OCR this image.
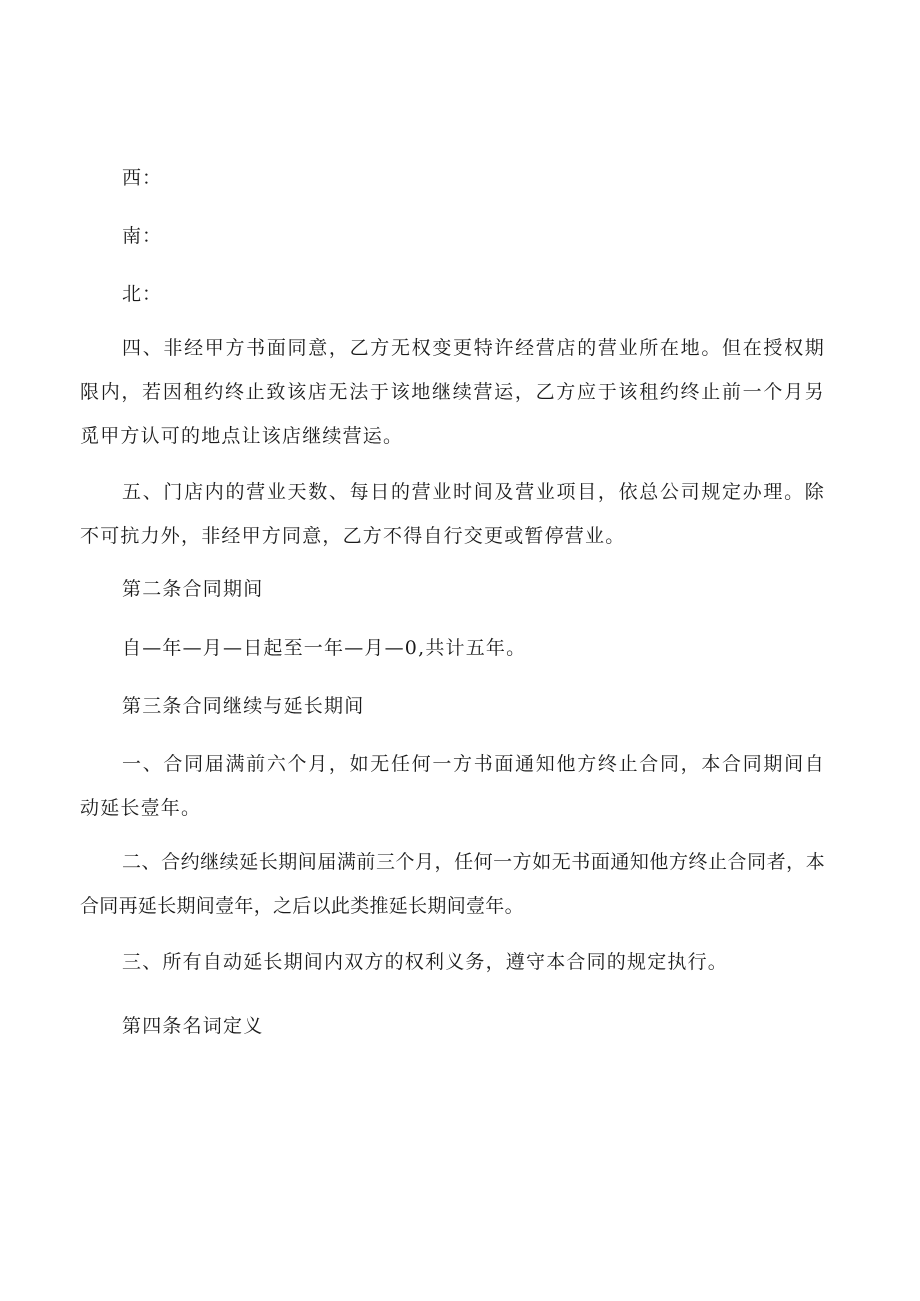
西：
南：
北：
四、非经甲方书面同意，乙方无权变更特许经营店的营业所在地。但在授权期限内，若因租约终止致该店无法于该地继续营运，乙方应于该租约终止前一个月另觅甲方认可的地点让该店继续营运。
五、门店内的营业天数、每日的营业时间及营业项目，依总公司规定办理。除不可抗力外，非经甲方同意，乙方不得自行交更或暂停营业。
第二条合同期间
自—年—月—日起至一年—月—0,共计五年。
第三条合同继续与延长期间
一、合同届满前六个月，如无任何一方书面通知他方终止合同，本合同期间自动延长壹年。
二、合约继续延长期间届满前三个月，任何一方如无书面通知他方终止合同者，本合同再延长期间壹年，之后以此类推延长期间壹年。
三、所有自动延长期间内双方的权利义务，遵守本合同的规定执行。
第四条名词定义
